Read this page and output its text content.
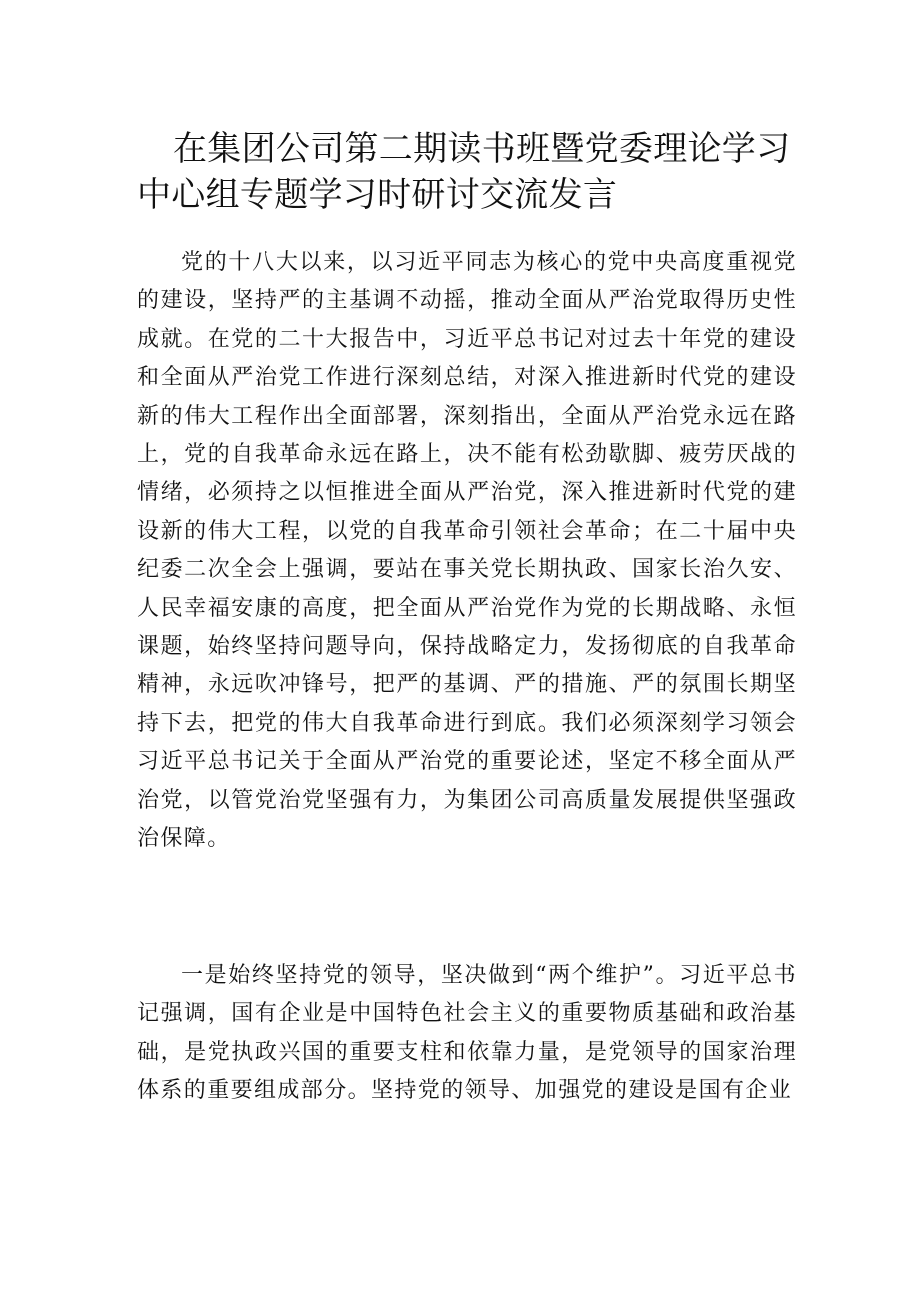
在集团公司第二期读书班暨党委理论学习中心组专题学习时研讨交流发言

党的十八大以来，以习近平同志为核心的党中央高度重视党的建设，坚持严的主基调不动摇，推动全面从严治党取得历史性成就。在党的二十大报告中，习近平总书记对过去十年党的建设和全面从严治党工作进行深刻总结，对深入推进新时代党的建设新的伟大工程作出全面部署，深刻指出，全面从严治党永远在路上，党的自我革命永远在路上，决不能有松劲歇脚、疲劳厌战的情绪，必须持之以恒推进全面从严治党，深入推进新时代党的建设新的伟大工程，以党的自我革命引领社会革命；在二十届中央纪委二次全会上强调，要站在事关党长期执政、国家长治久安、人民幸福安康的高度，把全面从严治党作为党的长期战略、永恒课题，始终坚持问题导向，保持战略定力，发扬彻底的自我革命精神，永远吹冲锋号，把严的基调、严的措施、严的氛围长期坚持下去，把党的伟大自我革命进行到底。我们必须深刻学习领会习近平总书记关于全面从严治党的重要论述，坚定不移全面从严治党，以管党治党坚强有力，为集团公司高质量发展提供坚强政治保障。

一是始终坚持党的领导，坚决做到“两个维护”。习近平总书记强调，国有企业是中国特色社会主义的重要物质基础和政治基础，是党执政兴国的重要支柱和依靠力量，是党领导的国家治理体系的重要组成部分。坚持党的领导、加强党的建设是国有企业
